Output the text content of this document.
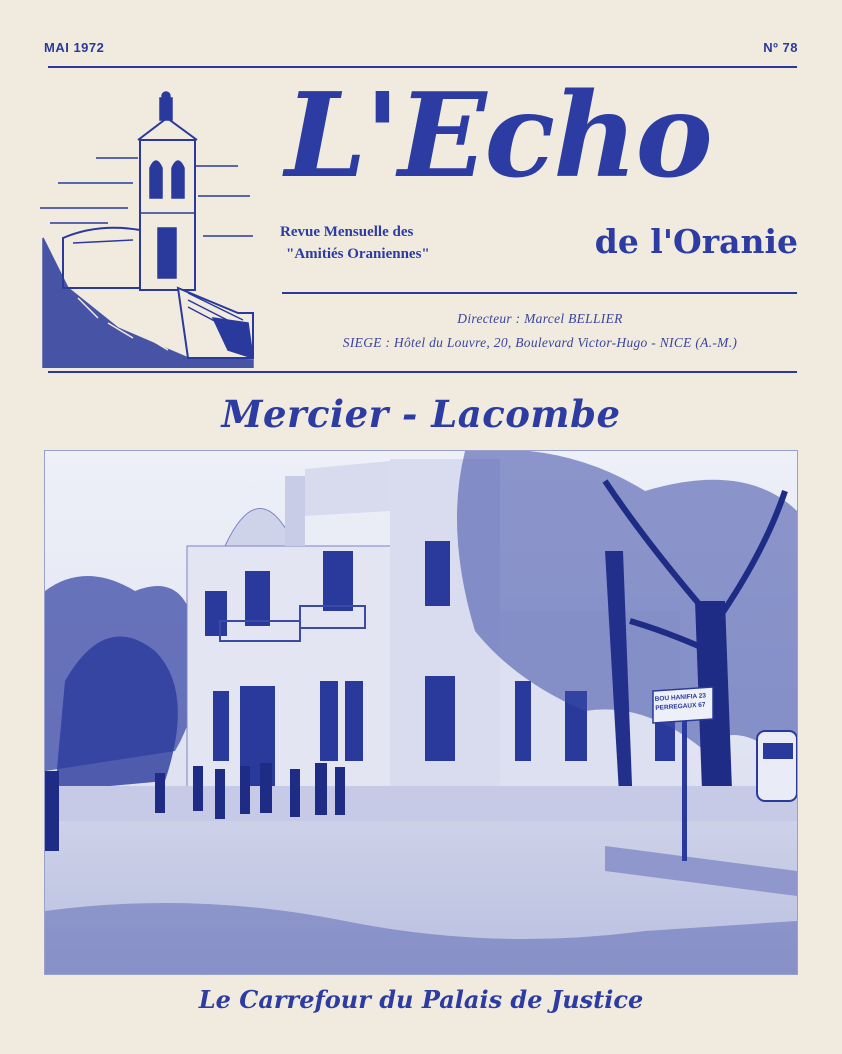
MAI 1972	Nº 78
L'Echo
Revue Mensuelle des
"Amitiés Oraniennes"	de l'Oranie
Directeur : Marcel BELLIER
SIEGE : Hôtel du Louvre, 20, Boulevard Victor-Hugo - NICE (A.-M.)
Mercier - Lacombe
BOU HANIFIA 23
PERREGAUX 67
Le Carrefour du Palais de Justice
